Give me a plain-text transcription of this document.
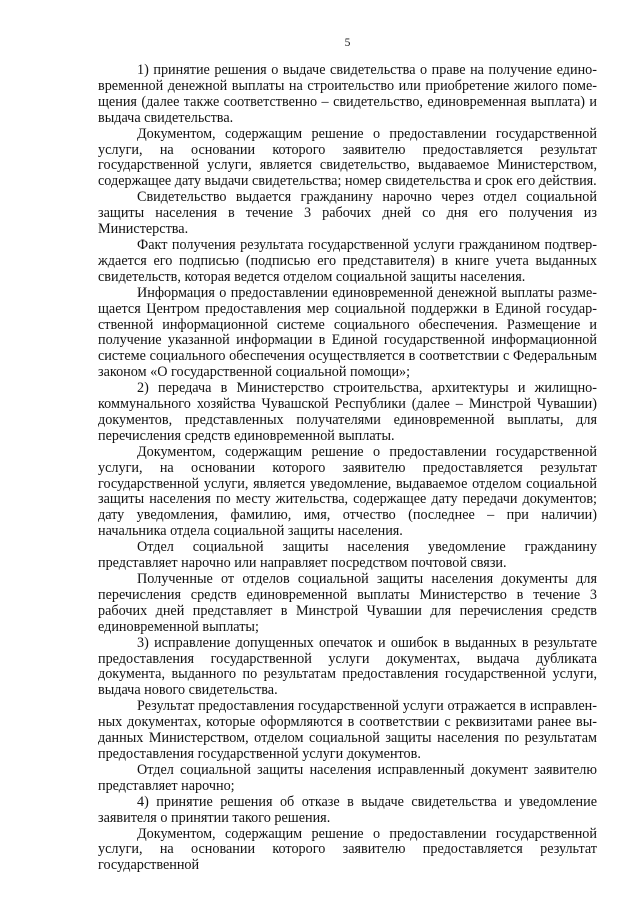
5

1) принятие решения о выдаче свидетельства о праве на получение единовременной денежной выплаты на строительство или приобретение жилого помещения (далее также соответственно – свидетельство, единовременная выплата) и выдача свидетельства.

Документом, содержащим решение о предоставлении государственной услуги, на основании которого заявителю предоставляется результат государственной услуги, является свидетельство, выдаваемое Министерством, содержащее дату выдачи свидетельства; номер свидетельства и срок его действия.

Свидетельство выдается гражданину нарочно через отдел социальной защиты населения в течение 3 рабочих дней со дня его получения из Министерства.

Факт получения результата государственной услуги гражданином подтверждается его подписью (подписью его представителя) в книге учета выданных свидетельств, которая ведется отделом социальной защиты населения.

Информация о предоставлении единовременной денежной выплаты размещается Центром предоставления мер социальной поддержки в Единой государственной информационной системе социального обеспечения. Размещение и получение указанной информации в Единой государственной информационной системе социального обеспечения осуществляется в соответствии с Федеральным законом «О государственной социальной помощи»;

2) передача в Министерство строительства, архитектуры и жилищно-коммунального хозяйства Чувашской Республики (далее – Минстрой Чувашии) документов, представленных получателями единовременной выплаты, для перечисления средств единовременной выплаты.

Документом, содержащим решение о предоставлении государственной услуги, на основании которого заявителю предоставляется результат государственной услуги, является уведомление, выдаваемое отделом социальной защиты населения по месту жительства, содержащее дату передачи документов; дату уведомления, фамилию, имя, отчество (последнее – при наличии) начальника отдела социальной защиты населения.

Отдел социальной защиты населения уведомление гражданину представляет нарочно или направляет посредством почтовой связи.

Полученные от отделов социальной защиты населения документы для перечисления средств единовременной выплаты Министерство в течение 3 рабочих дней представляет в Минстрой Чувашии для перечисления средств единовременной выплаты;

3) исправление допущенных опечаток и ошибок в выданных в результате предоставления государственной услуги документах, выдача дубликата документа, выданного по результатам предоставления государственной услуги, выдача нового свидетельства.

Результат предоставления государственной услуги отражается в исправленных документах, которые оформляются в соответствии с реквизитами ранее выданных Министерством, отделом социальной защиты населения по результатам предоставления государственной услуги документов.

Отдел социальной защиты населения исправленный документ заявителю представляет нарочно;

4) принятие решения об отказе в выдаче свидетельства и уведомление заявителя о принятии такого решения.

Документом, содержащим решение о предоставлении государственной услуги, на основании которого заявителю предоставляется результат государственной
